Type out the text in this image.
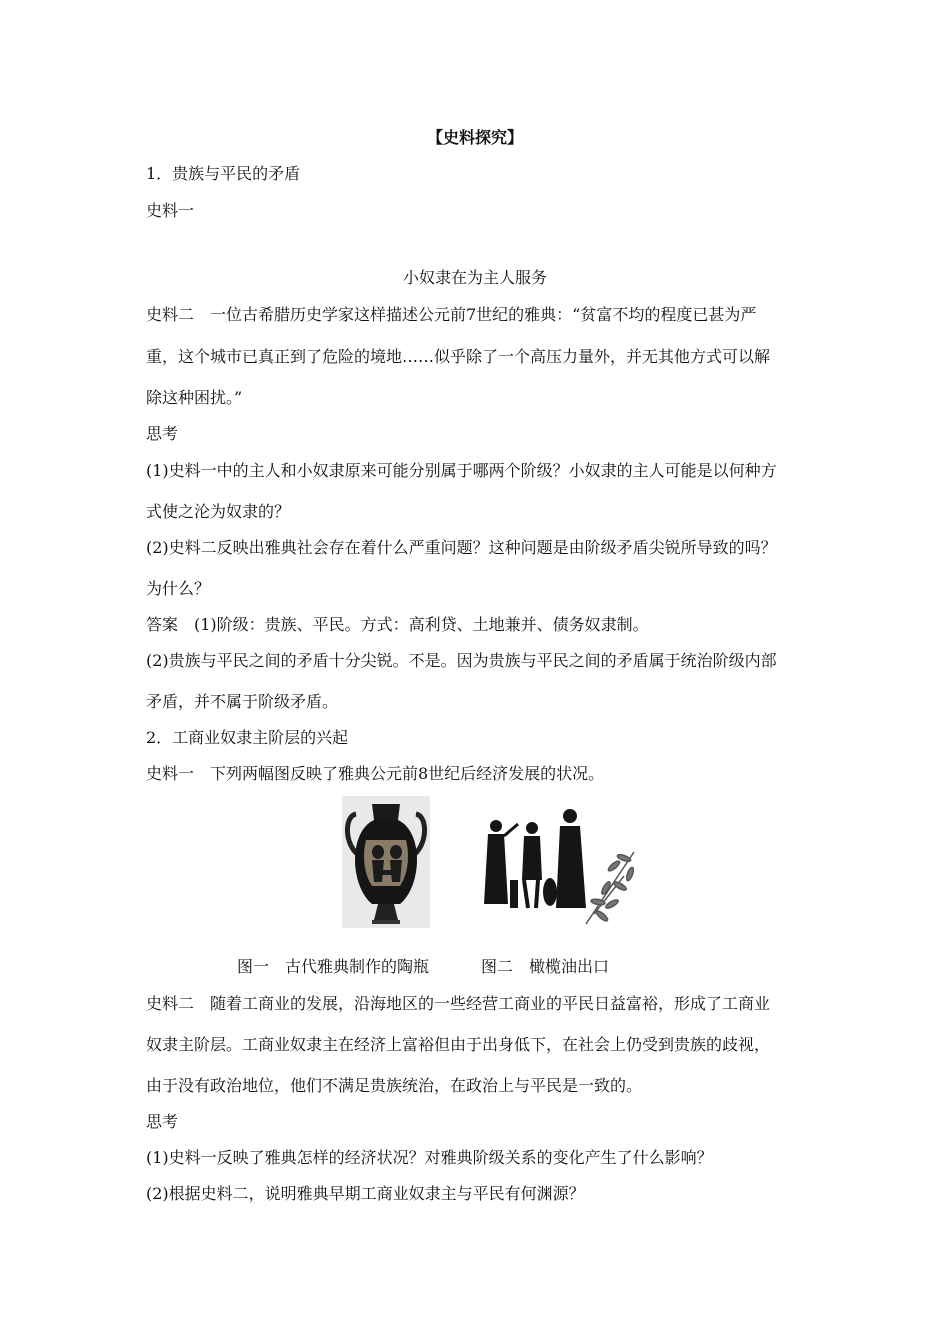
【史料探究】
1．贵族与平民的矛盾
史料一
小奴隶在为主人服务
史料二　一位古希腊历史学家这样描述公元前7世纪的雅典：“贫富不均的程度已甚为严
重，这个城市已真正到了危险的境地……似乎除了一个高压力量外，并无其他方式可以解
除这种困扰。”
思考
(1)史料一中的主人和小奴隶原来可能分别属于哪两个阶级？小奴隶的主人可能是以何种方
式使之沦为奴隶的？
(2)史料二反映出雅典社会存在着什么严重问题？这种问题是由阶级矛盾尖锐所导致的吗？
为什么？
答案　(1)阶级：贵族、平民。方式：高利贷、土地兼并、债务奴隶制。
(2)贵族与平民之间的矛盾十分尖锐。不是。因为贵族与平民之间的矛盾属于统治阶级内部
矛盾，并不属于阶级矛盾。
2．工商业奴隶主阶层的兴起
史料一　下列两幅图反映了雅典公元前8世纪后经济发展的状况。
图一　古代雅典制作的陶瓶	图二　橄榄油出口
史料二　随着工商业的发展，沿海地区的一些经营工商业的平民日益富裕，形成了工商业
奴隶主阶层。工商业奴隶主在经济上富裕但由于出身低下，在社会上仍受到贵族的歧视，
由于没有政治地位，他们不满足贵族统治，在政治上与平民是一致的。
思考
(1)史料一反映了雅典怎样的经济状况？对雅典阶级关系的变化产生了什么影响？
(2)根据史料二，说明雅典早期工商业奴隶主与平民有何渊源？
